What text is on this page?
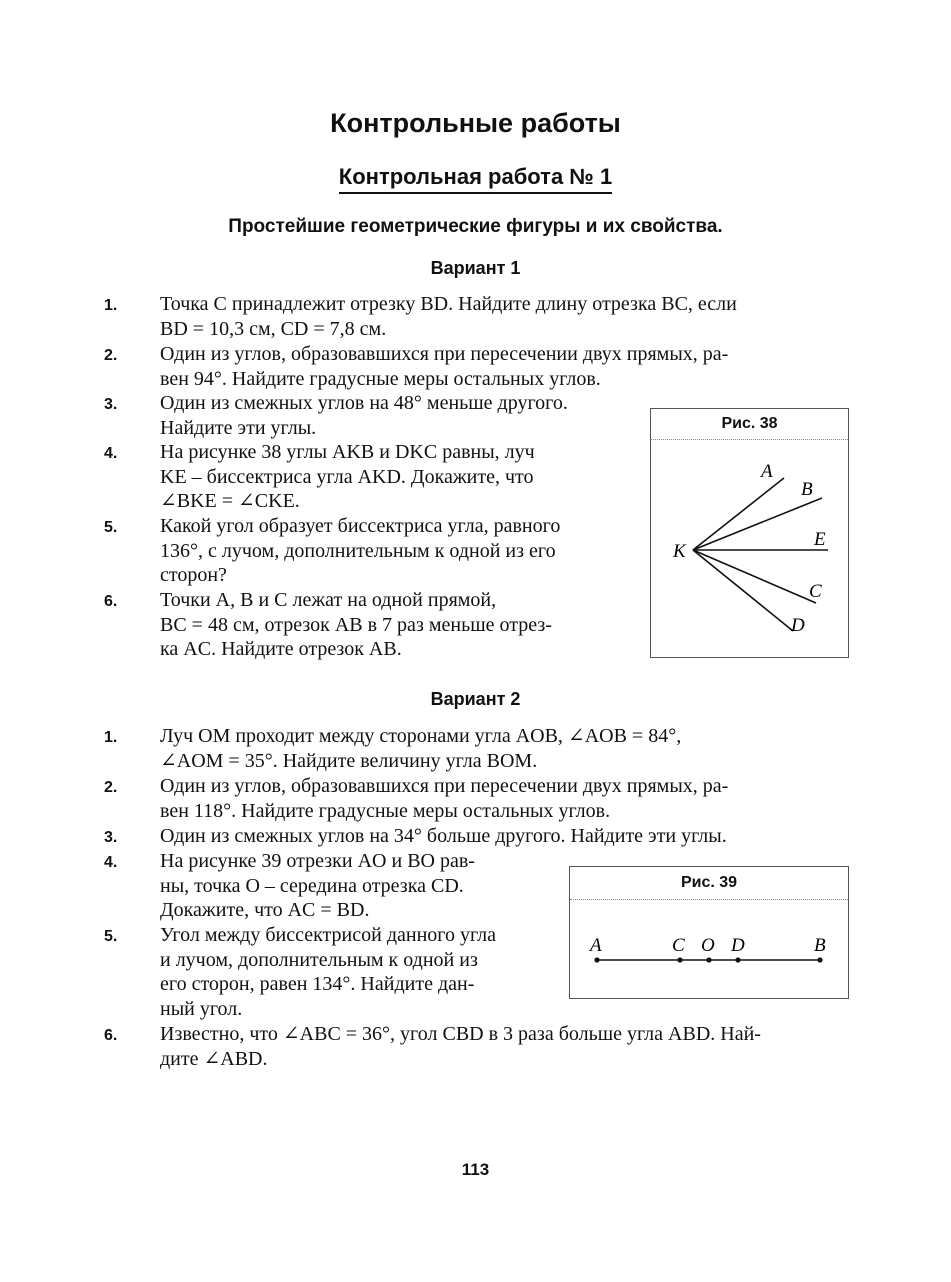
Контрольные работы
Контрольная работа № 1
Простейшие геометрические фигуры и их свойства.
Вариант 1
1. Точка C принадлежит отрезку BD. Найдите длину отрезка BC, если
BD = 10,3 см, CD = 7,8 см.
2. Один из углов, образовавшихся при пересечении двух прямых, ра-
вен 94°. Найдите градусные меры остальных углов.
3. Один из смежных углов на 48° меньше другого.
Найдите эти углы.
4. На рисунке 38 углы AKB и DKC равны, луч
KE – биссектриса угла AKD. Докажите, что
∠BKE = ∠CKE.
5. Какой угол образует биссектриса угла, равного
136°, с лучом, дополнительным к одной из его
сторон?
6. Точки A, B и C лежат на одной прямой,
BC = 48 см, отрезок AB в 7 раз меньше отрез-
ка AC. Найдите отрезок AB.
Рис. 38
A
B
E
C
D
K
Вариант 2
1. Луч OM проходит между сторонами угла AOB, ∠AOB = 84°,
∠AOM = 35°. Найдите величину угла BOM.
2. Один из углов, образовавшихся при пересечении двух прямых, ра-
вен 118°. Найдите градусные меры остальных углов.
3. Один из смежных углов на 34° больше другого. Найдите эти углы.
4. На рисунке 39 отрезки AO и BO рав-
ны, точка O – середина отрезка CD.
Докажите, что AC = BD.
5. Угол между биссектрисой данного угла
и лучом, дополнительным к одной из
его сторон, равен 134°. Найдите дан-
ный угол.
6. Известно, что ∠ABC = 36°, угол CBD в 3 раза больше угла ABD. Най-
дите ∠ABD.
Рис. 39
A	C O D	B
113
